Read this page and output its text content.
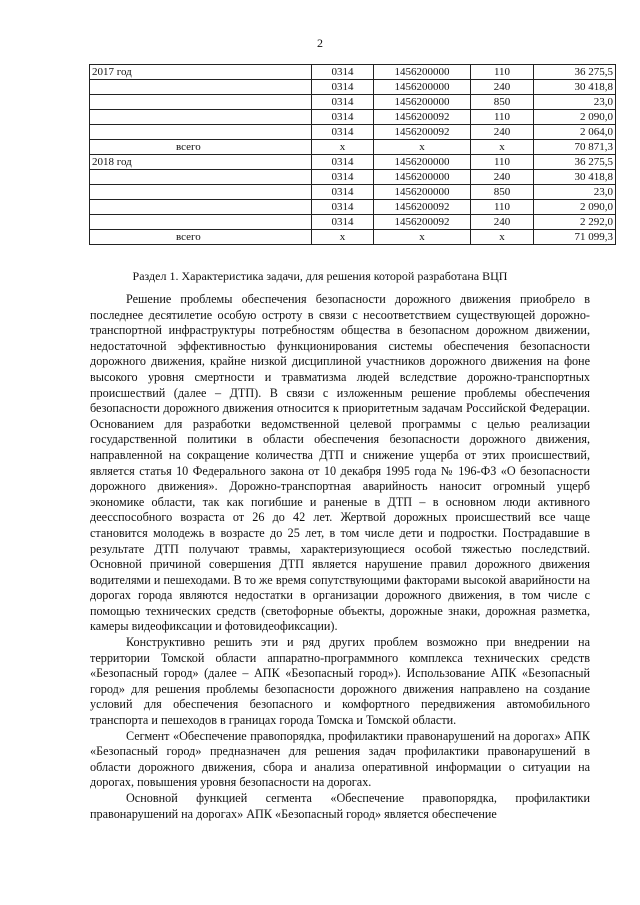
2
2017 год	0314	1456200000	110	36 275,5
	0314	1456200000	240	30 418,8
	0314	1456200000	850	23,0
	0314	1456200092	110	2 090,0
	0314	1456200092	240	2 064,0
всего	х	х	х	70 871,3
2018 год	0314	1456200000	110	36 275,5
	0314	1456200000	240	30 418,8
	0314	1456200000	850	23,0
	0314	1456200092	110	2 090,0
	0314	1456200092	240	2 292,0
всего	х	х	х	71 099,3
Раздел 1. Характеристика задачи, для решения которой разработана ВЦП

Решение проблемы обеспечения безопасности дорожного движения приобрело в последнее десятилетие особую остроту в связи с несоответствием существующей дорожно-транспортной инфраструктуры потребностям общества в безопасном дорожном движении, недостаточной эффективностью функционирования системы обеспечения безопасности дорожного движения, крайне низкой дисциплиной участников дорожного движения на фоне высокого уровня смертности и травматизма людей вследствие дорожно-транспортных происшествий (далее – ДТП). В связи с изложенным решение проблемы обеспечения безопасности дорожного движения относится к приоритетным задачам Российской Федерации. Основанием для разработки ведомственной целевой программы с целью реализации государственной политики в области обеспечения безопасности дорожного движения, направленной на сокращение количества ДТП и снижение ущерба от этих происшествий, является статья 10 Федерального закона от 10 декабря 1995 года № 196-ФЗ «О безопасности дорожного движения». Дорожно-транспортная аварийность наносит огромный ущерб экономике области, так как погибшие и раненые в ДТП – в основном люди активного деесспособного возраста от 26 до 42 лет. Жертвой дорожных происшествий все чаще становится молодежь в возрасте до 25 лет, в том числе дети и подростки. Пострадавшие в результате ДТП получают травмы, характеризующиеся особой тяжестью последствий. Основной причиной совершения ДТП является нарушение правил дорожного движения водителями и пешеходами. В то же время сопутствующими факторами высокой аварийности на дорогах города являются недостатки в организации дорожного движения, в том числе с помощью технических средств (светофорные объекты, дорожные знаки, дорожная разметка, камеры видеофиксации и фотовидеофиксации).

Конструктивно решить эти и ряд других проблем возможно при внедрении на территории Томской области аппаратно-программного комплекса технических средств «Безопасный город» (далее – АПК «Безопасный город»). Использование АПК «Безопасный город» для решения проблемы безопасности дорожного движения направлено на создание условий для обеспечения безопасного и комфортного передвижения автомобильного транспорта и пешеходов в границах города Томска и Томской области.

Сегмент «Обеспечение правопорядка, профилактики правонарушений на дорогах» АПК «Безопасный город» предназначен для решения задач профилактики правонарушений в области дорожного движения, сбора и анализа оперативной информации о ситуации на дорогах, повышения уровня безопасности на дорогах.

Основной функцией сегмента «Обеспечение правопорядка, профилактики правонарушений на дорогах» АПК «Безопасный город» является обеспечение
